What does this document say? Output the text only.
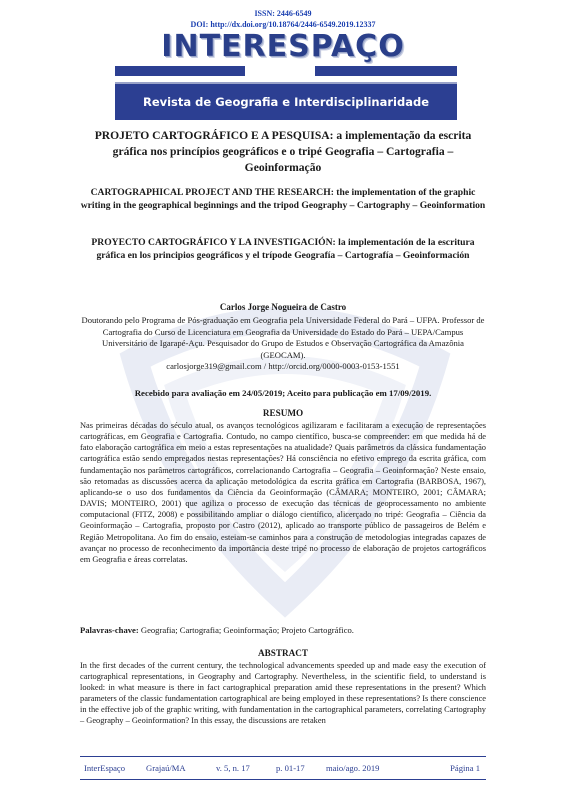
ISSN: 2446-6549
DOI: http://dx.doi.org/10.18764/2446-6549.2019.12337
INTERESPAÇO
Revista de Geografia e Interdisciplinaridade
PROJETO CARTOGRÁFICO E A PESQUISA: a implementação da escrita gráfica nos princípios geográficos e o tripé Geografia – Cartografia – Geoinformação
CARTOGRAPHICAL PROJECT AND THE RESEARCH: the implementation of the graphic writing in the geographical beginnings and the tripod Geography – Cartography – Geoinformation
PROYECTO CARTOGRÁFICO Y LA INVESTIGACIÓN: la implementación de la escritura gráfica en los principios geográficos y el trípode Geografía – Cartografía – Geoinformación
Carlos Jorge Nogueira de Castro
Doutorando pelo Programa de Pós-graduação em Geografia pela Universidade Federal do Pará – UFPA. Professor de Cartografia do Curso de Licenciatura em Geografia da Universidade do Estado do Pará – UEPA/Campus Universitário de Igarapé-Açu. Pesquisador do Grupo de Estudos e Observação Cartográfica da Amazônia (GEOCAM).
carlosjorge319@gmail.com / http://orcid.org/0000-0003-0153-1551
Recebido para avaliação em 24/05/2019; Aceito para publicação em 17/09/2019.
RESUMO
Nas primeiras décadas do século atual, os avanços tecnológicos agilizaram e facilitaram a execução de representações cartográficas, em Geografia e Cartografia. Contudo, no campo científico, busca-se compreender: em que medida há de fato elaboração cartográfica em meio a estas representações na atualidade? Quais parâmetros da clássica fundamentação cartográfica estão sendo empregados nestas representações? Há consciência no efetivo emprego da escrita gráfica, com fundamentação nos parâmetros cartográficos, correlacionando Cartografia – Geografia – Geoinformação? Neste ensaio, são retomadas as discussões acerca da aplicação metodológica da escrita gráfica em Cartografia (BARBOSA, 1967), aplicando-se o uso dos fundamentos da Ciência da Geoinformação (CÂMARA; MONTEIRO, 2001; CÂMARA; DAVIS; MONTEIRO, 2001) que agiliza o processo de execução das técnicas de geoprocessamento no ambiente computacional (FITZ, 2008) e possibilitando ampliar o diálogo científico, alicerçado no tripé: Geografia – Ciência da Geoinformação – Cartografia, proposto por Castro (2012), aplicado ao transporte público de passageiros de Belém e Região Metropolitana. Ao fim do ensaio, esteiam-se caminhos para a construção de metodologias integradas capazes de avançar no processo de reconhecimento da importância deste tripé no processo de elaboração de projetos cartográficos em Geografia e áreas correlatas.
Palavras-chave: Geografia; Cartografia; Geoinformação; Projeto Cartográfico.
ABSTRACT
In the first decades of the current century, the technological advancements speeded up and made easy the execution of cartographical representations, in Geography and Cartography. Nevertheless, in the scientific field, to understand is looked: in what measure is there in fact cartographical preparation amid these representations in the present? Which parameters of the classic fundamentation cartographical are being employed in these representations? Is there conscience in the effective job of the graphic writing, with fundamentation in the cartographical parameters, correlating Cartography – Geography – Geoinformation? In this essay, the discussions are retaken
InterEspaço	Grajaú/MA	v. 5, n. 17	p. 01-17	maio/ago. 2019	Página 1
